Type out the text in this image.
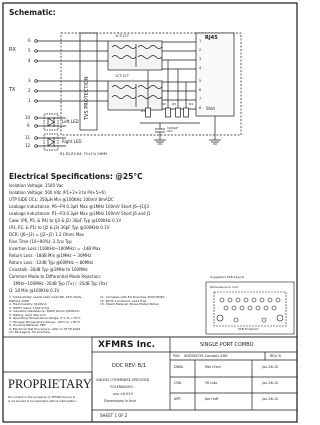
Schematic:
RJ45
1CT:1CT
1CT:1CT
Shld
TVS PROTECTION
RX
TX
6
5
4
3
2
1
1
2
3
4
5
6
7
8
R1
R2 R3	R4
1000pF
2kV
10
9
11
12
Left LED
Right LED
R1,R2,R3,R4: 75±1% OHMS
Electrical Specifications: @25°C
Isolation Voltage: 1500 Vac
Isolation Voltage: 500 Vdc (P1+2+3 to P4+5+6)
UTP SIDE OCL: 350µH Min @100KHz 100mV 8mADC
Leakage Inductance: P6~P4 0.3µH Max @1MHz 100mV Short J6~J1/J3
Leakage Inductance: P1~P3 0.3µH Max @1MHz 100mV Short J6 and J1
Cww: (P6, P5, & P4) to (J3 & J2) 30pF Typ @100KHz 0.1V
(P3, P2, & P1) to (J2 & J3) 30pF Typ @100KHz 0.1V
DCR: (J6~J3) = (J2~J1) 1.2 Ohms Max
Rise Time (10~90%): 2.5ns Typ
Insertion Loss (100KHz~100MHz) = -1dB Max
Return Loss: -18dB Min @1MHz ~ 30MHz
Return Loss: -12dB Typ @60MHz ~ 80MHz
Crosstalk -30dB Typ @1MHz to 100MHz
Common Mode to Differential Mode Rejection:
1MHz~100MHz -35dB Typ (Tx) / -35dB Typ (Rx)
Q: 18 Min @100KHz 0.1V
1. Solderability: Leads shall meet MIL-STD-202G,
Method 208H
2. Flammability: UL94V-0
3. HIPOT rated: 1500 Vrms
4. Insulation Resistance: 500M Ohms @500Vdc
5. Plating: Gold 30µ inch
6. Operating Temperature Range: 0°C to +70°C
7. Storage Temperature Range: -40°C to +85°C
8. Housing Material: PBT
9. Electrical Test Procedure: refer to XF-TP-0042
10. Packaging: 50 pcs/Tube
11. Complies with EU Directive 2002/95/EC
12. RoHS Compliant, Lead Free
13. Shield Material: Brass Plated Nickel
Suggested PCB Layout
Dimensions in inch
PCB Footprint
DOC REV: B/1
XFMRS Inc.	SINGLE PORT COMBO
P/N: XFATM2VYS-Combo1-2MS	REV. B
UNLESS OTHERWISE SPECIFIED
TOLERANCES:
.xxx ±0.010
Dimensions in Inch
SHEET 1 OF 2
DWN.	Mel Chen	Jun-26-10
CHK.	YK Liao	Jun-26-10
APP.	Joe Huff	Jun-26-10
PROPRIETARY
Document is the property of XFMRS Group &
is not allowed to be duplicated without authorization
